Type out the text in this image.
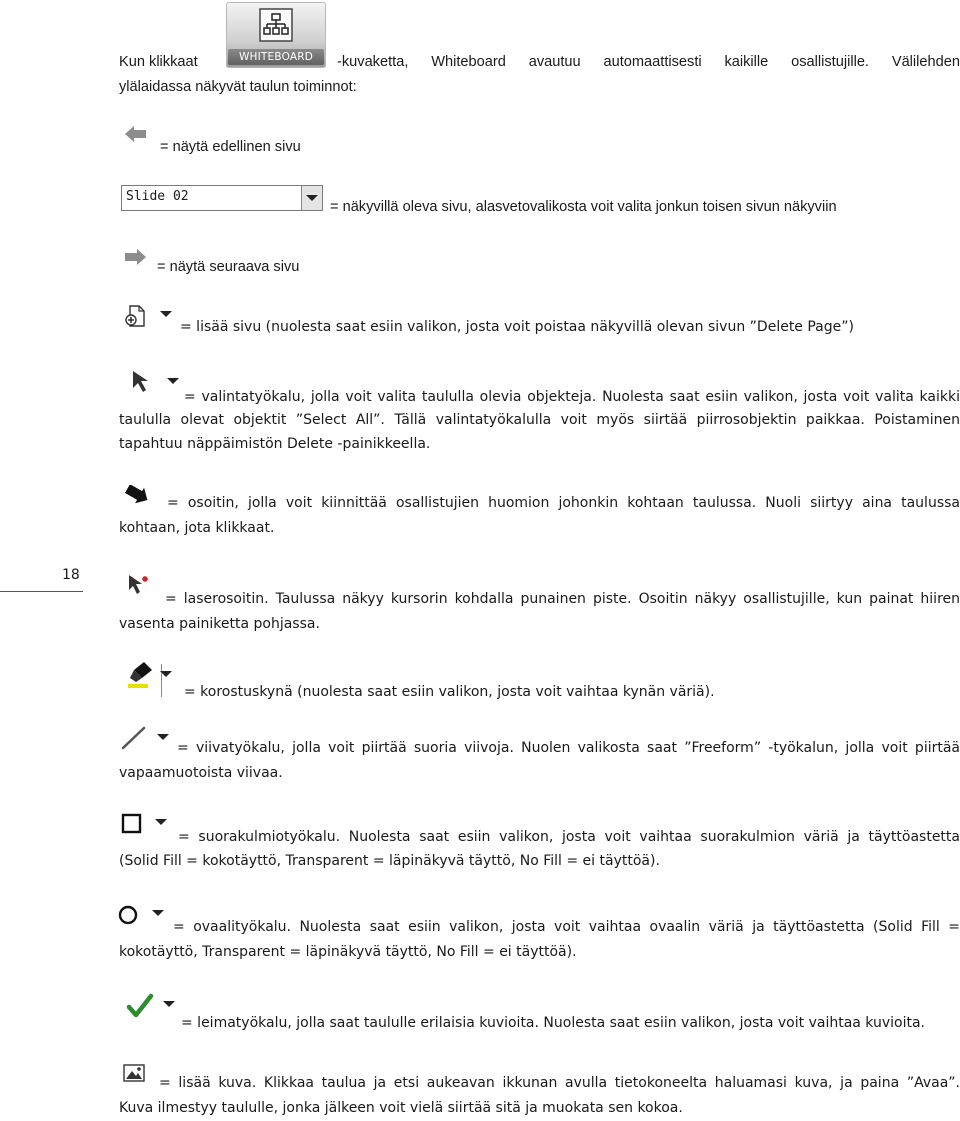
Kun klikkaat	WHITEBOARD	-kuvaketta, Whiteboard avautuu automaattisesti kaikille osallistujille. Välilehden
ylälaidassa näkyvät taulun toiminnot:
= näytä edellinen sivu
Slide 02
= näkyvillä oleva sivu, alasvetovalikosta voit valita jonkun toisen sivun näkyviin
= näytä seuraava sivu
= lisää sivu (nuolesta saat esiin valikon, josta voit poistaa näkyvillä olevan sivun ”Delete Page”)
= valintatyökalu, jolla voit valita taululla olevia objekteja. Nuolesta saat esiin valikon, josta voit valita kaikki
taululla olevat objektit ”Select All”. Tällä valintatyökalulla voit myös siirtää piirrosobjektin paikkaa. Poistaminen
tapahtuu näppäimistön Delete -painikkeella.
= osoitin, jolla voit kiinnittää osallistujien huomion johonkin kohtaan taulussa. Nuoli siirtyy aina taulussa
kohtaan, jota klikkaat.
18
= laserosoitin. Taulussa näkyy kursorin kohdalla punainen piste. Osoitin näkyy osallistujille, kun painat hiiren
vasenta painiketta pohjassa.
= korostuskynä (nuolesta saat esiin valikon, josta voit vaihtaa kynän väriä).
= viivatyökalu, jolla voit piirtää suoria viivoja. Nuolen valikosta saat ”Freeform” -työkalun, jolla voit piirtää
vapaamuotoista viivaa.
= suorakulmiotyökalu. Nuolesta saat esiin valikon, josta voit vaihtaa suorakulmion väriä ja täyttöastetta
(Solid Fill = kokotäyttö, Transparent = läpinäkyvä täyttö, No Fill = ei täyttöä).
= ovaalityökalu. Nuolesta saat esiin valikon, josta voit vaihtaa ovaalin väriä ja täyttöastetta (Solid Fill =
kokotäyttö, Transparent = läpinäkyvä täyttö, No Fill = ei täyttöä).
= leimatyökalu, jolla saat taululle erilaisia kuvioita. Nuolesta saat esiin valikon, josta voit vaihtaa kuvioita.
= lisää kuva. Klikkaa taulua ja etsi aukeavan ikkunan avulla tietokoneelta haluamasi kuva, ja paina ”Avaa”.
Kuva ilmestyy taululle, jonka jälkeen voit vielä siirtää sitä ja muokata sen kokoa.
